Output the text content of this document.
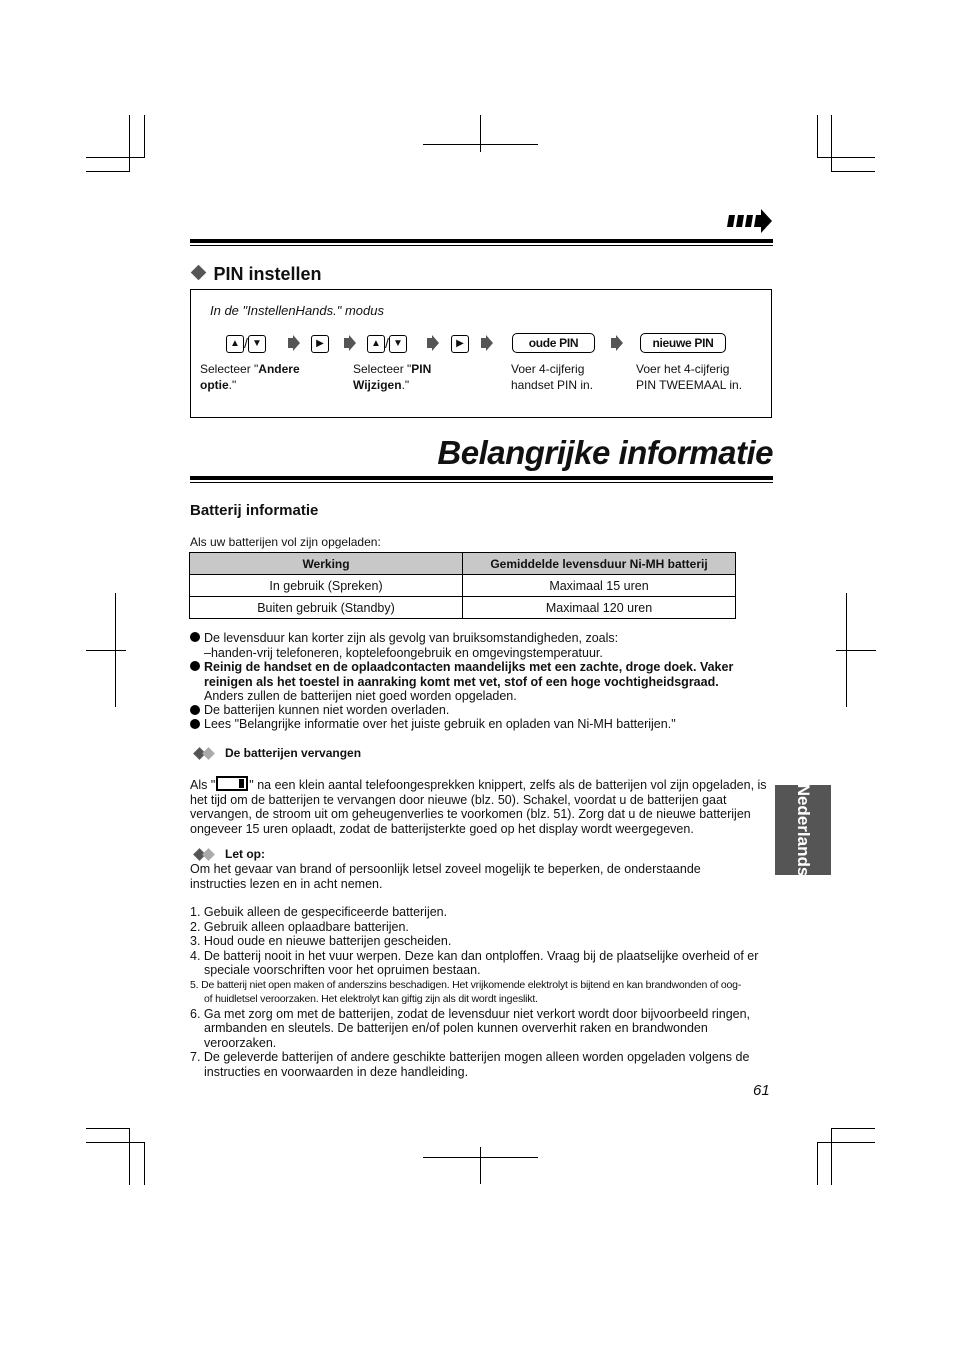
PIN instellen
In de "InstellenHands." modus
▲ / ▼	▶	▲ / ▼	▶	oude PIN	nieuwe PIN
Selecteer "Andere optie."
Selecteer "PIN Wijzigen."
Voer 4-cijferig handset PIN in.
Voer het 4-cijferig PIN TWEEMAAL in.
Belangrijke informatie
Batterij informatie
Als uw batterijen vol zijn opgeladen:
Werking	Gemiddelde levensduur Ni-MH batterij
In gebruik (Spreken)	Maximaal 15 uren
Buiten gebruik (Standby)	Maximaal 120 uren
De levensduur kan korter zijn als gevolg van bruiksomstandigheden, zoals:
–handen-vrij telefoneren, koptelefoongebruik en omgevingstemperatuur.
Reinig de handset en de oplaadcontacten maandelijks met een zachte, droge doek. Vaker reinigen als het toestel in aanraking komt met vet, stof of een hoge vochtigheidsgraad.
Anders zullen de batterijen niet goed worden opgeladen.
De batterijen kunnen niet worden overladen.
Lees "Belangrijke informatie over het juiste gebruik en opladen van Ni-MH batterijen."
De batterijen vervangen
Als "	" na een klein aantal telefoongesprekken knippert, zelfs als de batterijen vol zijn opgeladen, is het tijd om de batterijen te vervangen door nieuwe (blz. 50). Schakel, voordat u de batterijen gaat vervangen, de stroom uit om geheugenverlies te voorkomen (blz. 51). Zorg dat u de nieuwe batterijen ongeveer 15 uren oplaadt, zodat de batterijsterkte goed op het display wordt weergegeven.
Let op:
Om het gevaar van brand of persoonlijk letsel zoveel mogelijk te beperken, de onderstaande instructies lezen en in acht nemen.
1. Gebuik alleen de gespecificeerde batterijen.
2. Gebruik alleen oplaadbare batterijen.
3. Houd oude en nieuwe batterijen gescheiden.
4. De batterij nooit in het vuur werpen. Deze kan dan ontploffen. Vraag bij de plaatselijke overheid of er speciale voorschriften voor het opruimen bestaan.
5. De batterij niet open maken of anderszins beschadigen. Het vrijkomende elektrolyt is bijtend en kan brandwonden of oog-of huidletsel veroorzaken. Het elektrolyt kan giftig zijn als dit wordt ingeslikt.
6. Ga met zorg om met de batterijen, zodat de levensduur niet verkort wordt door bijvoorbeeld ringen, armbanden en sleutels. De batterijen en/of polen kunnen oververhit raken en brandwonden veroorzaken.
7. De geleverde batterijen of andere geschikte batterijen mogen alleen worden opgeladen volgens de instructies en voorwaarden in deze handleiding.
Nederlands
61
